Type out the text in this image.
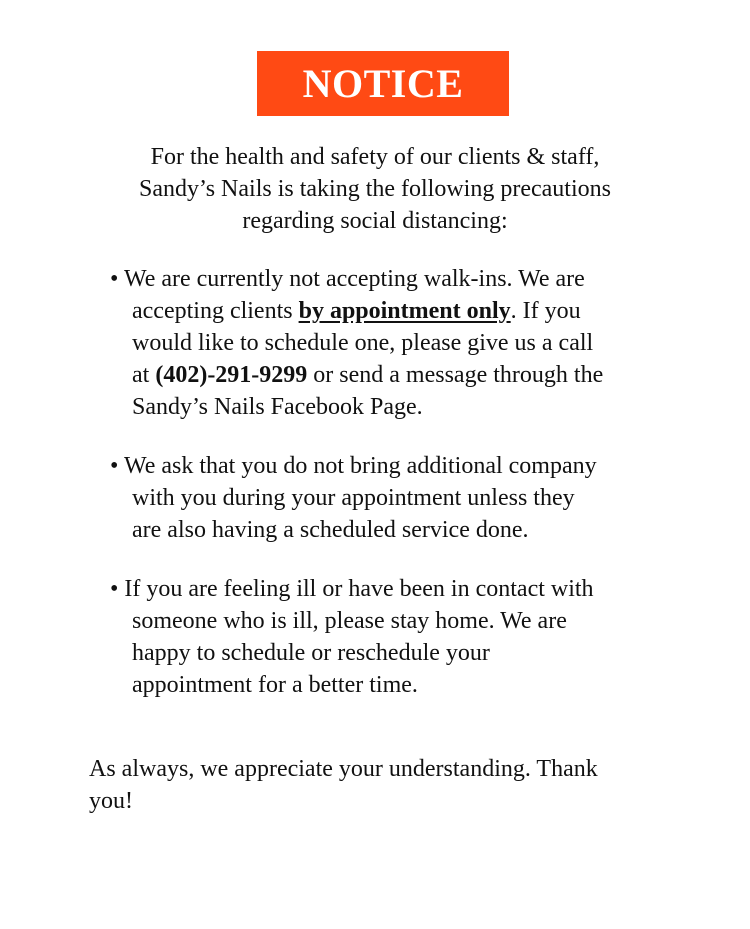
NOTICE
For the health and safety of our clients & staff,
Sandy’s Nails is taking the following precautions
regarding social distancing:
• We are currently not accepting walk-ins. We are
accepting clients by appointment only. If you
would like to schedule one, please give us a call
at (402)-291-9299 or send a message through the
Sandy’s Nails Facebook Page.
• We ask that you do not bring additional company
with you during your appointment unless they
are also having a scheduled service done.
• If you are feeling ill or have been in contact with
someone who is ill, please stay home. We are
happy to schedule or reschedule your
appointment for a better time.
As always, we appreciate your understanding. Thank
you!
